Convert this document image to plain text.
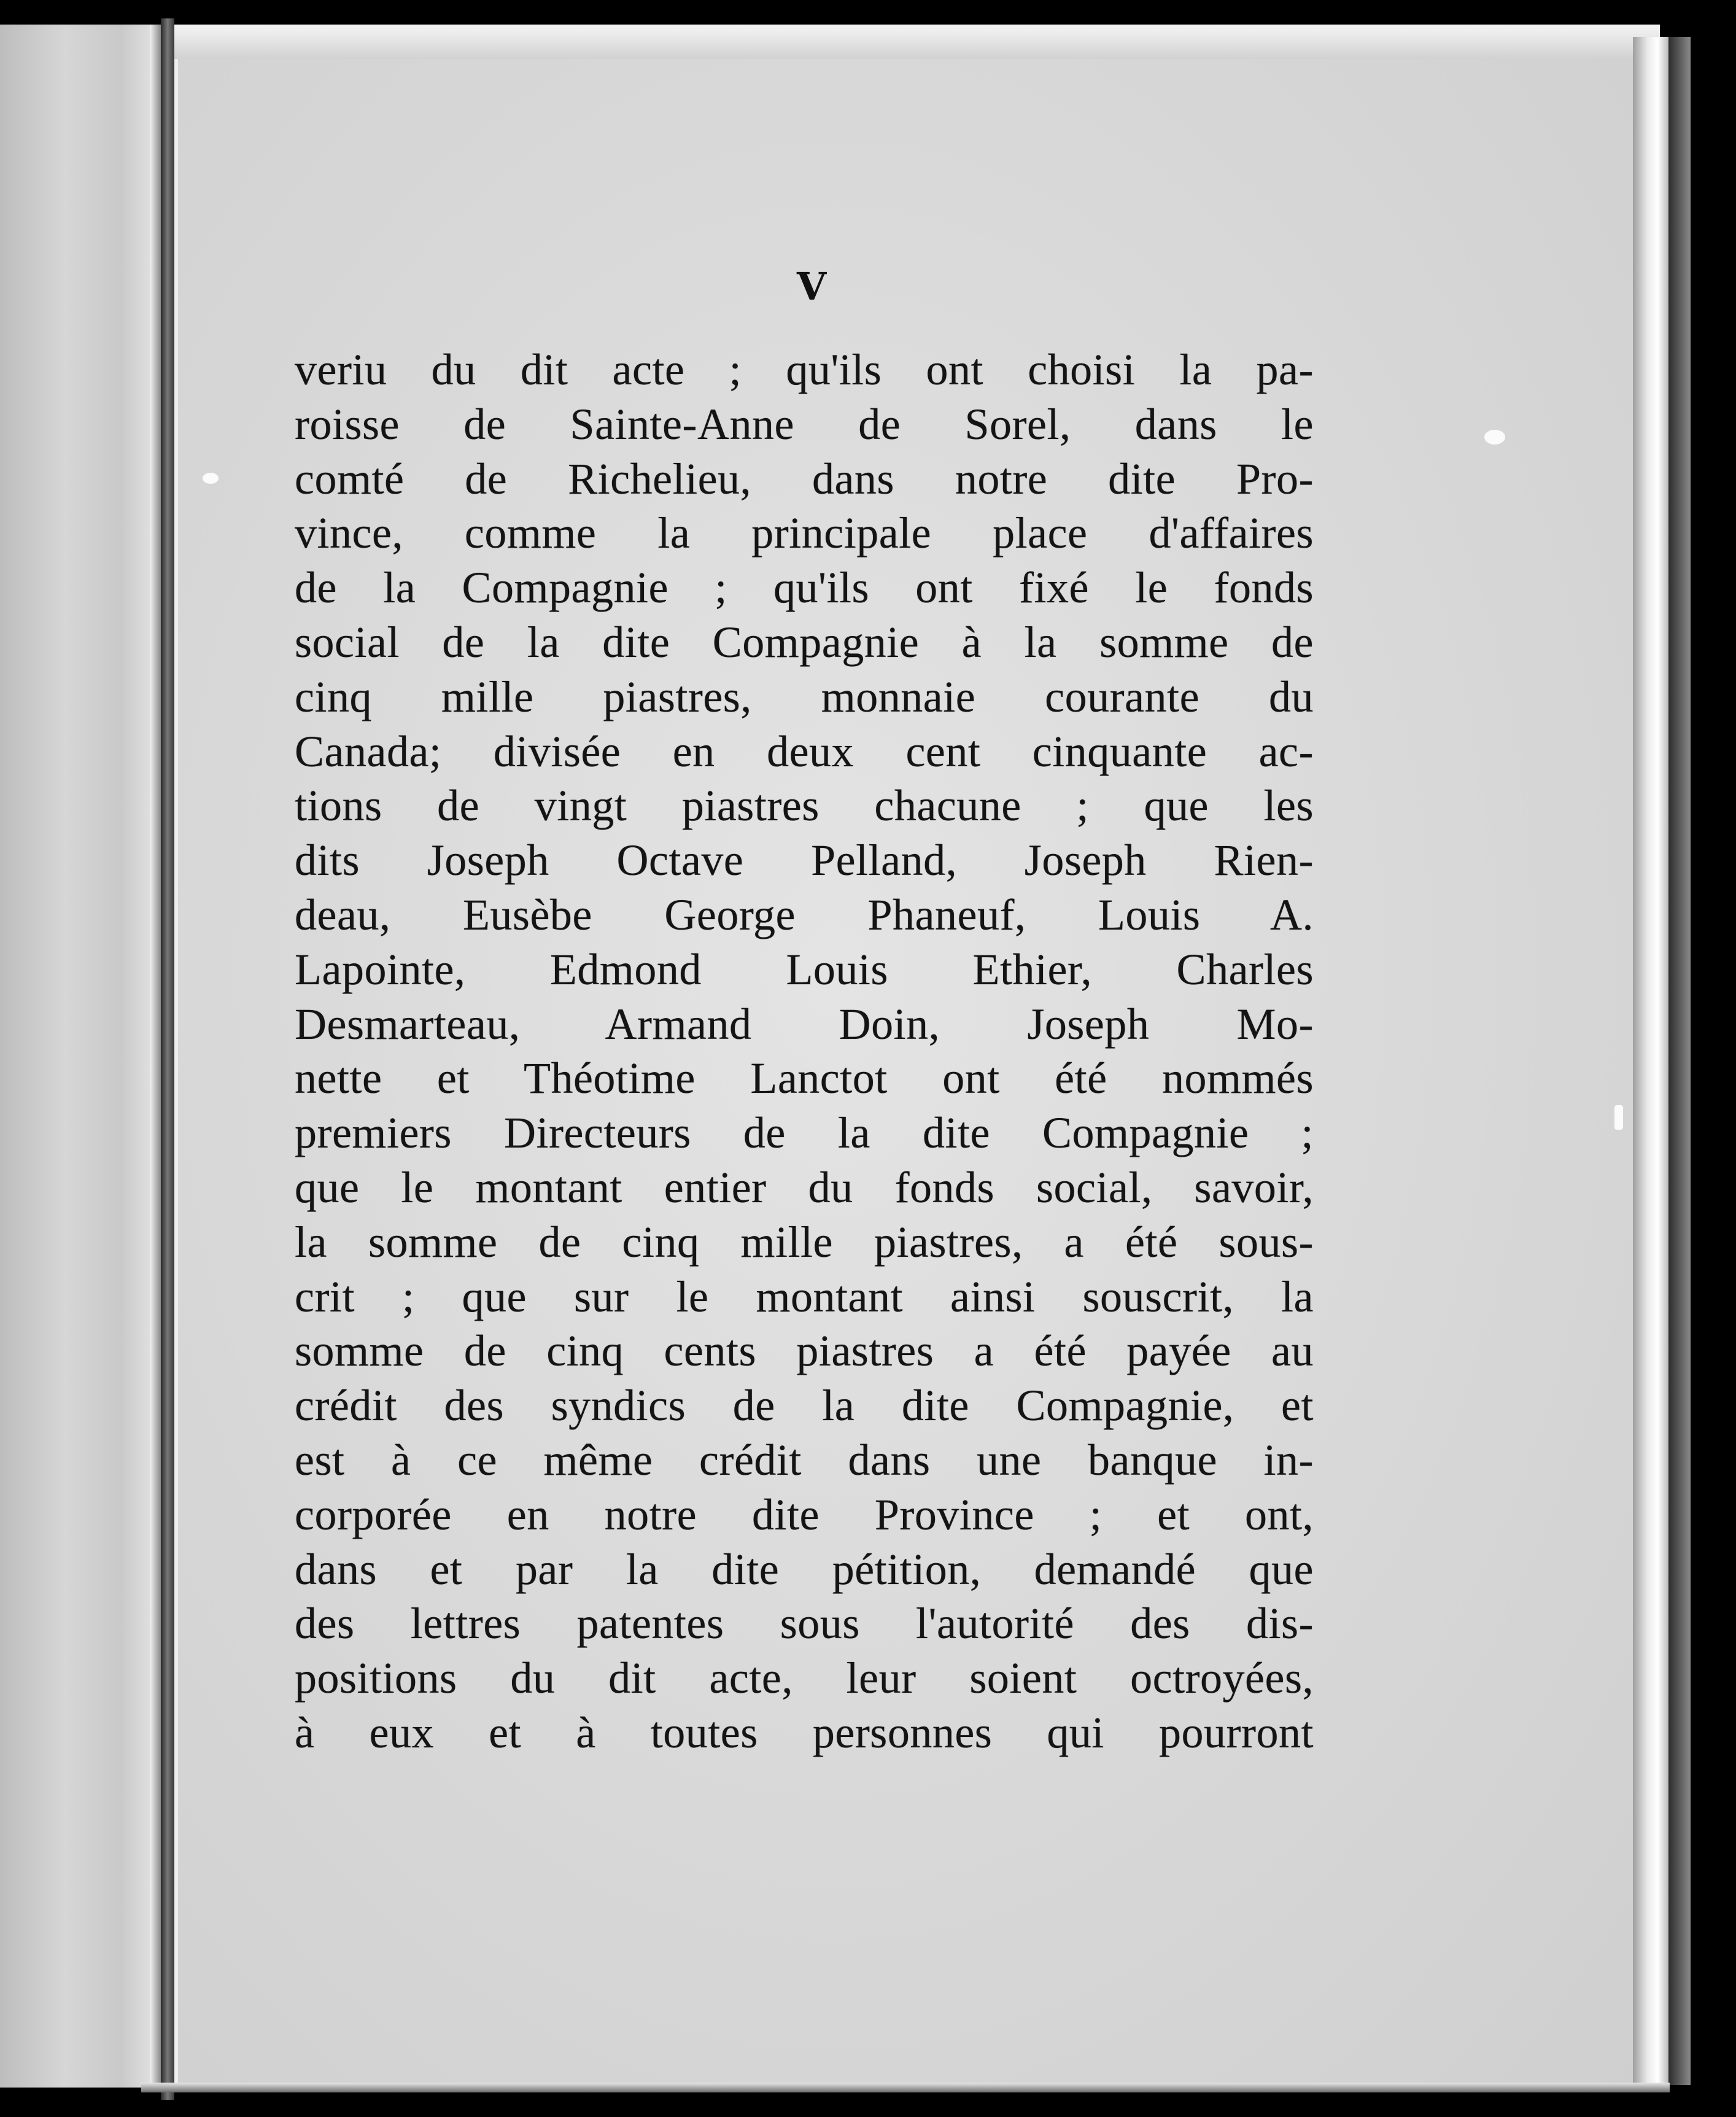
V
veriu du dit acte ; qu'ils ont choisi la pa-
roisse de Sainte-Anne de Sorel, dans le
comté de Richelieu, dans notre dite Pro-
vince, comme la principale place d'affaires
de la Compagnie ; qu'ils ont fixé le fonds
social de la dite Compagnie à la somme de
cinq mille piastres, monnaie courante du
Canada; divisée en deux cent cinquante ac-
tions de vingt piastres chacune ; que les
dits Joseph Octave Pelland, Joseph Rien-
deau, Eusèbe George Phaneuf, Louis A.
Lapointe, Edmond Louis Ethier, Charles
Desmarteau, Armand Doin, Joseph Mo-
nette et Théotime Lanctot ont été nommés
premiers Directeurs de la dite Compagnie ;
que le montant entier du fonds social, savoir,
la somme de cinq mille piastres, a été sous-
crit ; que sur le montant ainsi souscrit, la
somme de cinq cents piastres a été payée au
crédit des syndics de la dite Compagnie, et
est à ce même crédit dans une banque in-
corporée en notre dite Province ; et ont,
dans et par la dite pétition, demandé que
des lettres patentes sous l'autorité des dis-
positions du dit acte, leur soient octroyées,
à eux et à toutes personnes qui pourront
